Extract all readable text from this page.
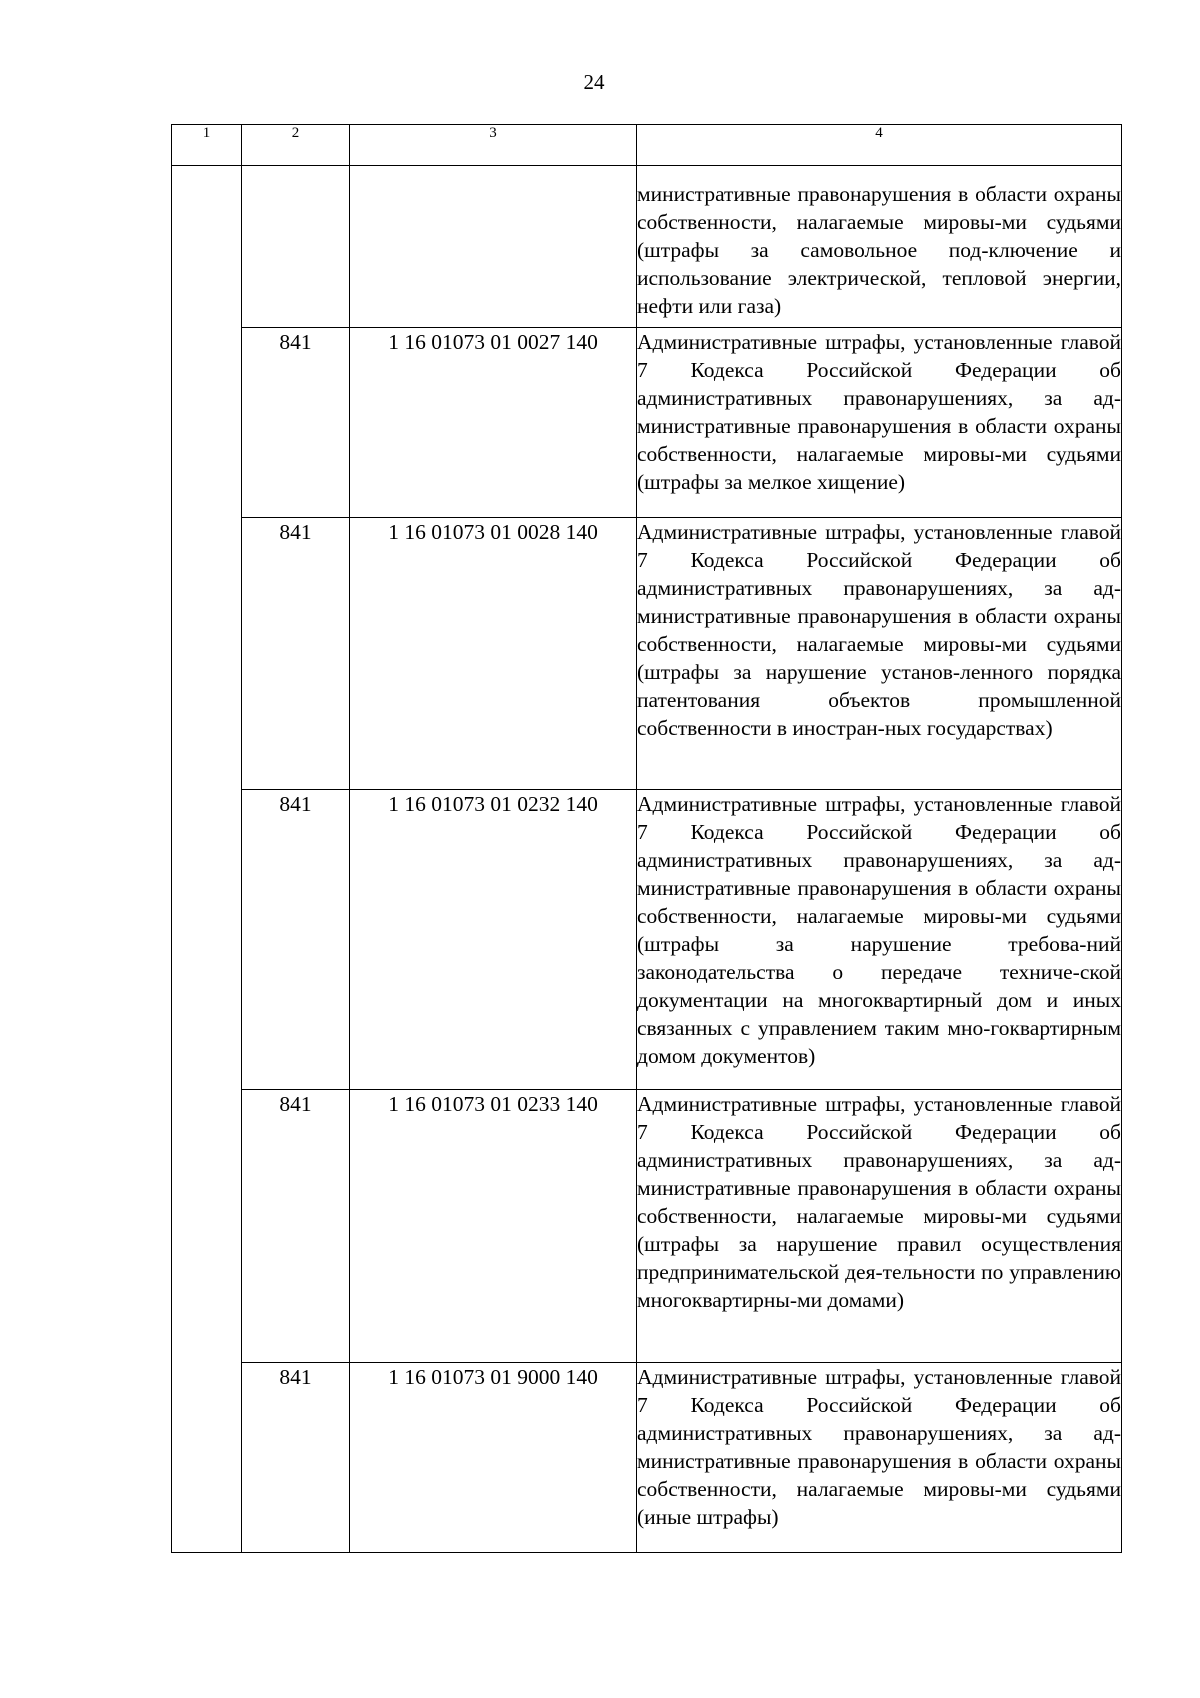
24
1	2	3	4
			министративные правонарушения в области охраны собственности, налагаемые мировы-ми судьями (штрафы за самовольное под-ключение и использование электрической, тепловой энергии, нефти или газа)
	841	1 16 01073 01 0027 140	Административные штрафы, установленные главой 7 Кодекса Российской Федерации об административных правонарушениях, за ад-министративные правонарушения в области охраны собственности, налагаемые мировы-ми судьями (штрафы за мелкое хищение)
	841	1 16 01073 01 0028 140	Административные штрафы, установленные главой 7 Кодекса Российской Федерации об административных правонарушениях, за ад-министративные правонарушения в области охраны собственности, налагаемые мировы-ми судьями (штрафы за нарушение установ-ленного порядка патентования объектов промышленной собственности в иностран-ных государствах)
	841	1 16 01073 01 0232 140	Административные штрафы, установленные главой 7 Кодекса Российской Федерации об административных правонарушениях, за ад-министративные правонарушения в области охраны собственности, налагаемые мировы-ми судьями (штрафы за нарушение требова-ний законодательства о передаче техниче-ской документации на многоквартирный дом и иных связанных с управлением таким мно-гоквартирным домом документов)
	841	1 16 01073 01 0233 140	Административные штрафы, установленные главой 7 Кодекса Российской Федерации об административных правонарушениях, за ад-министративные правонарушения в области охраны собственности, налагаемые мировы-ми судьями (штрафы за нарушение правил осуществления предпринимательской дея-тельности по управлению многоквартирны-ми домами)
	841	1 16 01073 01 9000 140	Административные штрафы, установленные главой 7 Кодекса Российской Федерации об административных правонарушениях, за ад-министративные правонарушения в области охраны собственности, налагаемые мировы-ми судьями (иные штрафы)
